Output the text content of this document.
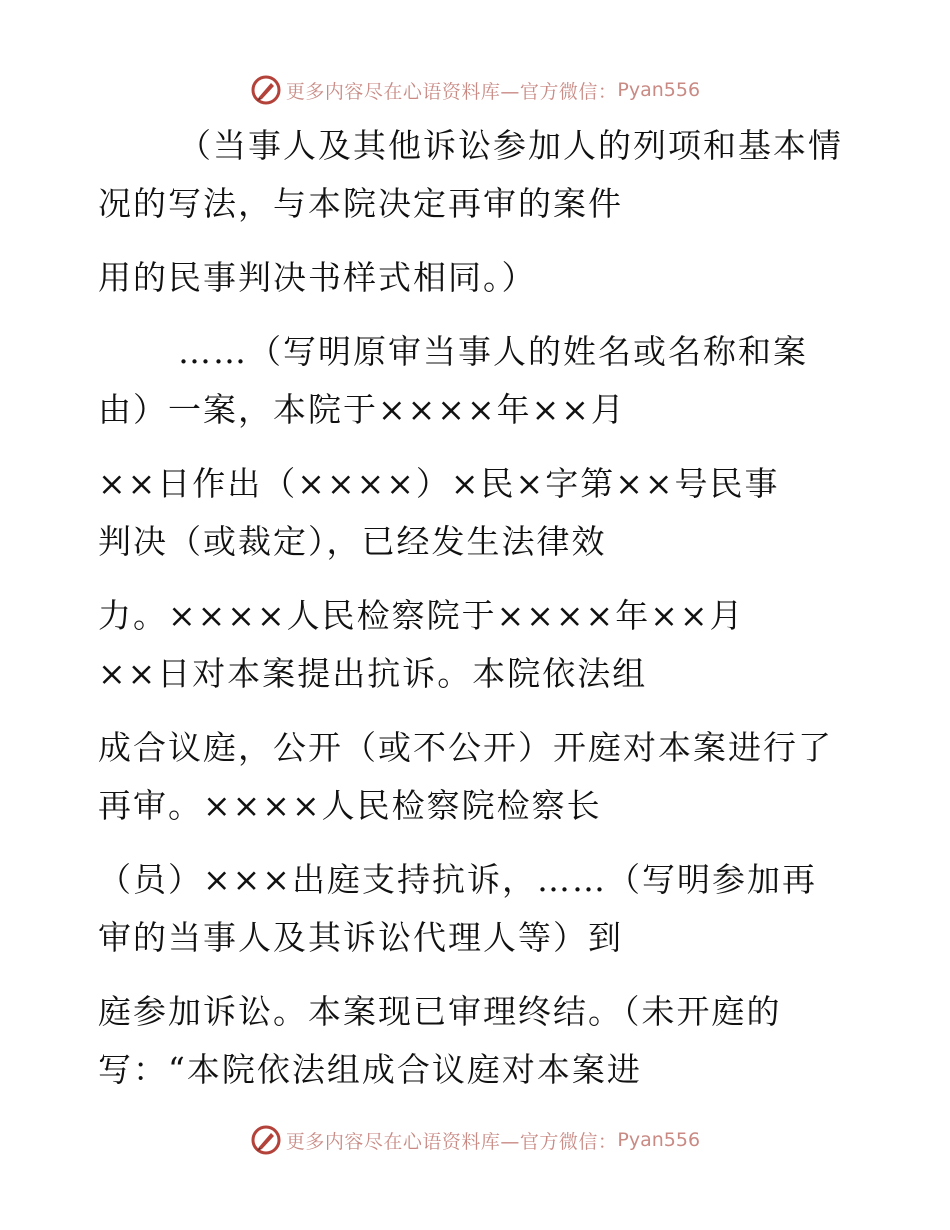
更多内容尽在心语资料库—官方微信： Pyan556

（当事人及其他诉讼参加人的列项和基本情

况的写法，与本院决定再审的案件

用的民事判决书样式相同。）

……（写明原审当事人的姓名或名称和案

由）一案，本院于××××年××月

××日作出（××××）×民×字第××号民事

判决（或裁定），已经发生法律效

力。××××人民检察院于××××年××月

××日对本案提出抗诉。本院依法组

成合议庭，公开（或不公开）开庭对本案进行了

再审。××××人民检察院检察长

（员）×××出庭支持抗诉，……（写明参加再

审的当事人及其诉讼代理人等）到

庭参加诉讼。本案现已审理终结。（未开庭的

写：“本院依法组成合议庭对本案进

更多内容尽在心语资料库—官方微信： Pyan556
